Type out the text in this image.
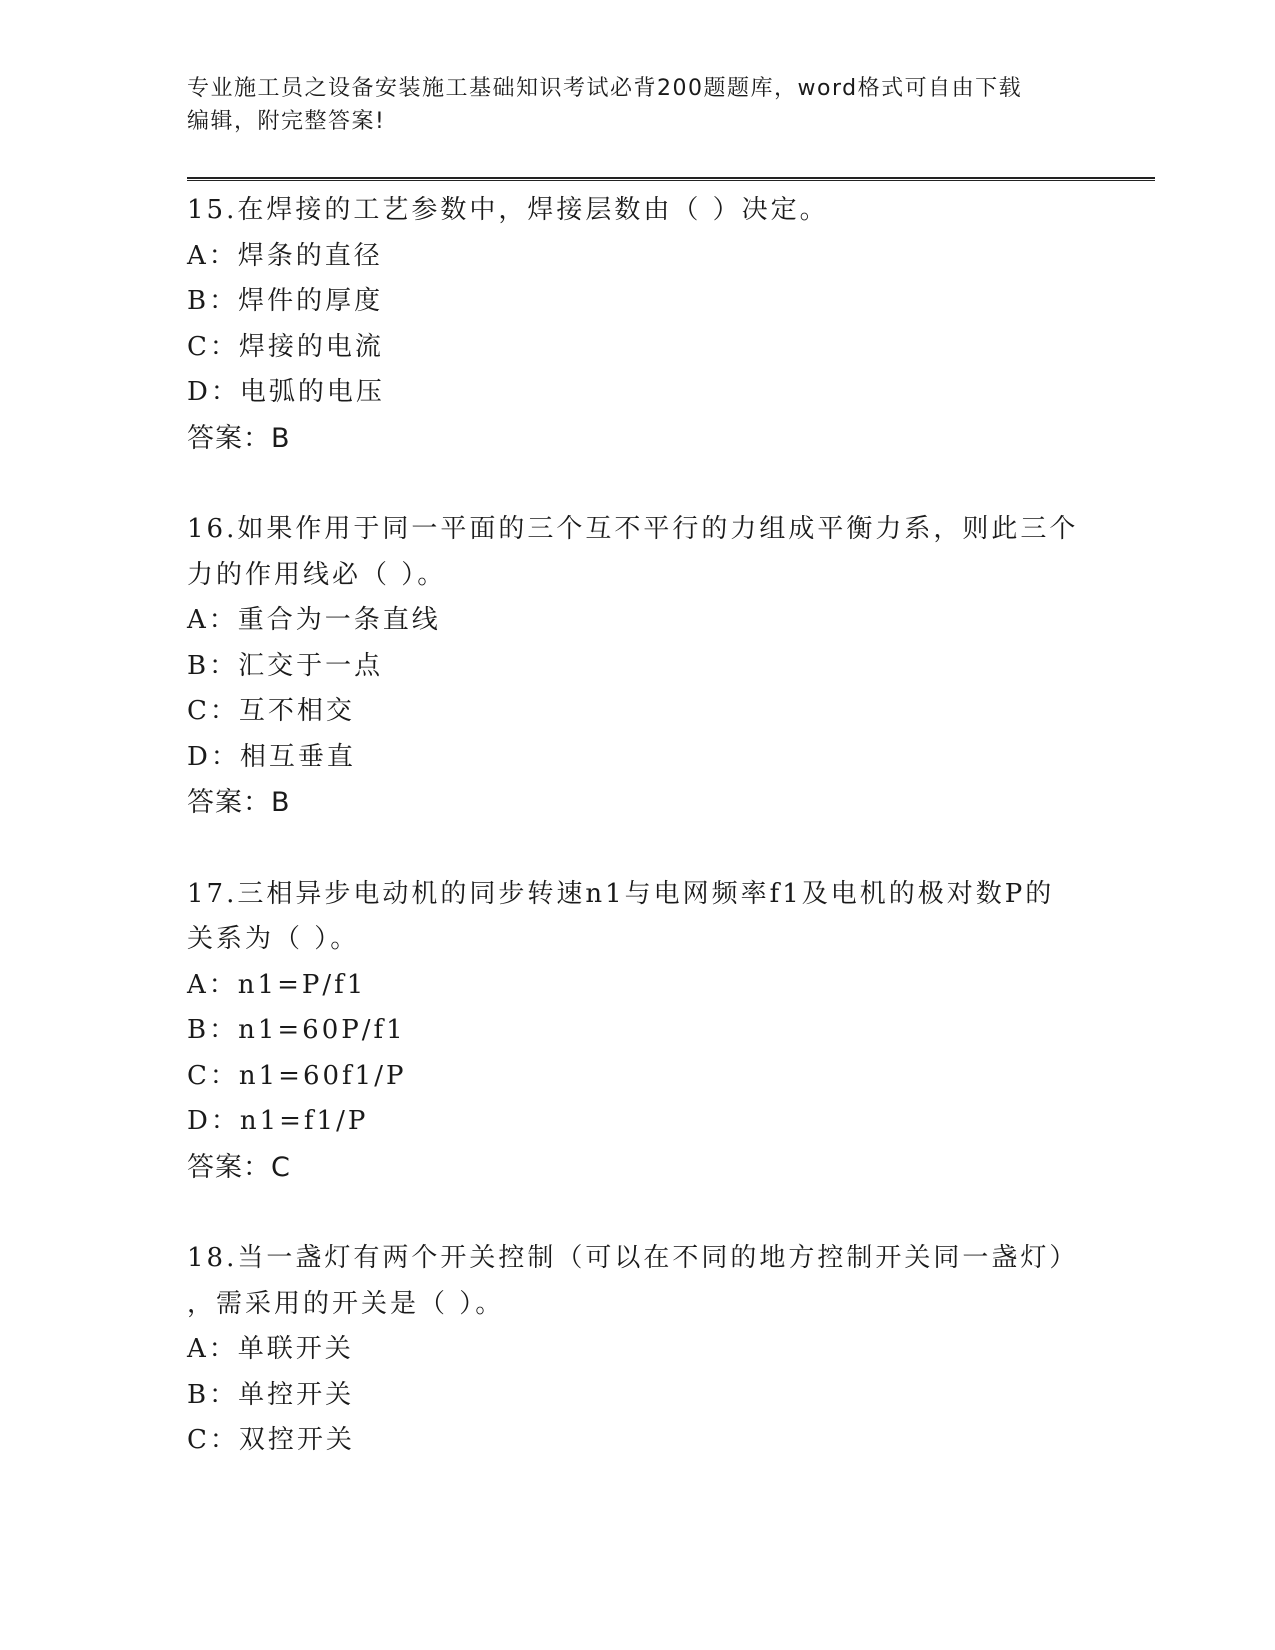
专业施工员之设备安装施工基础知识考试必背200题题库，word格式可自由下载
编辑，附完整答案!
15.在焊接的工艺参数中，焊接层数由（ ）决定。
A：焊条的直径
B：焊件的厚度
C：焊接的电流
D：电弧的电压
答案：B
16.如果作用于同一平面的三个互不平行的力组成平衡力系，则此三个
力的作用线必（ ）。
A：重合为一条直线
B：汇交于一点
C：互不相交
D：相互垂直
答案：B
17.三相异步电动机的同步转速n1与电网频率f1及电机的极对数P的
关系为（ ）。
A：n1=P/f1
B：n1=60P/f1
C：n1=60f1/P
D：n1=f1/P
答案：C
18.当一盏灯有两个开关控制（可以在不同的地方控制开关同一盏灯）
，需采用的开关是（ ）。
A：单联开关
B：单控开关
C：双控开关
